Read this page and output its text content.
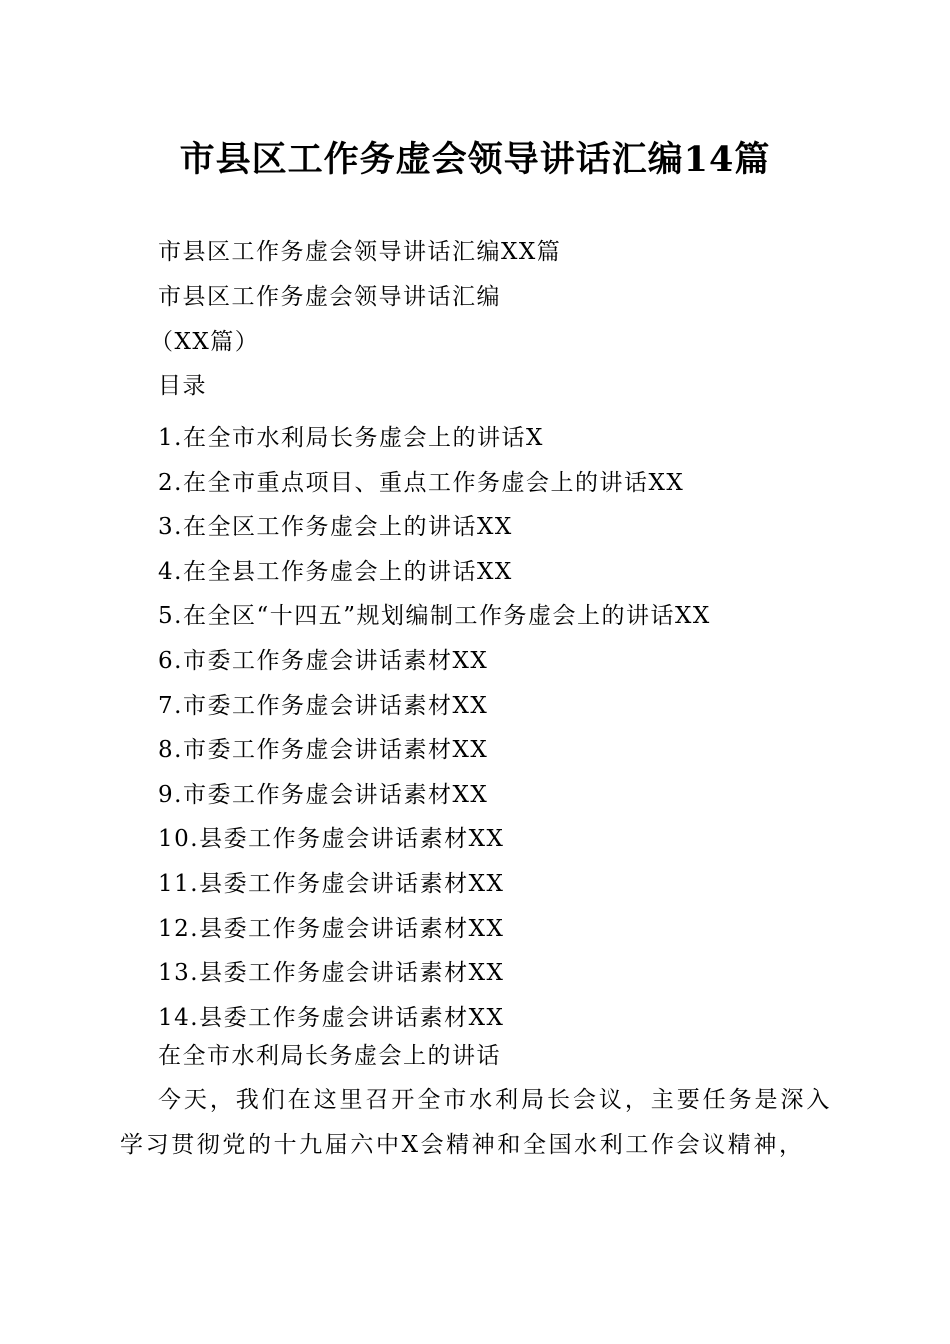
市县区工作务虚会领导讲话汇编14篇
市县区工作务虚会领导讲话汇编XX篇
市县区工作务虚会领导讲话汇编
（XX篇）
目录
1.在全市水利局长务虚会上的讲话X
2.在全市重点项目、重点工作务虚会上的讲话XX
3.在全区工作务虚会上的讲话XX
4.在全县工作务虚会上的讲话XX
5.在全区“十四五”规划编制工作务虚会上的讲话XX
6.市委工作务虚会讲话素材XX
7.市委工作务虚会讲话素材XX
8.市委工作务虚会讲话素材XX
9.市委工作务虚会讲话素材XX
10.县委工作务虚会讲话素材XX
11.县委工作务虚会讲话素材XX
12.县委工作务虚会讲话素材XX
13.县委工作务虚会讲话素材XX
14.县委工作务虚会讲话素材XX
在全市水利局长务虚会上的讲话
今天，我们在这里召开全市水利局长会议，主要任务是深入学习贯彻党的十九届六中X会精神和全国水利工作会议精神，
